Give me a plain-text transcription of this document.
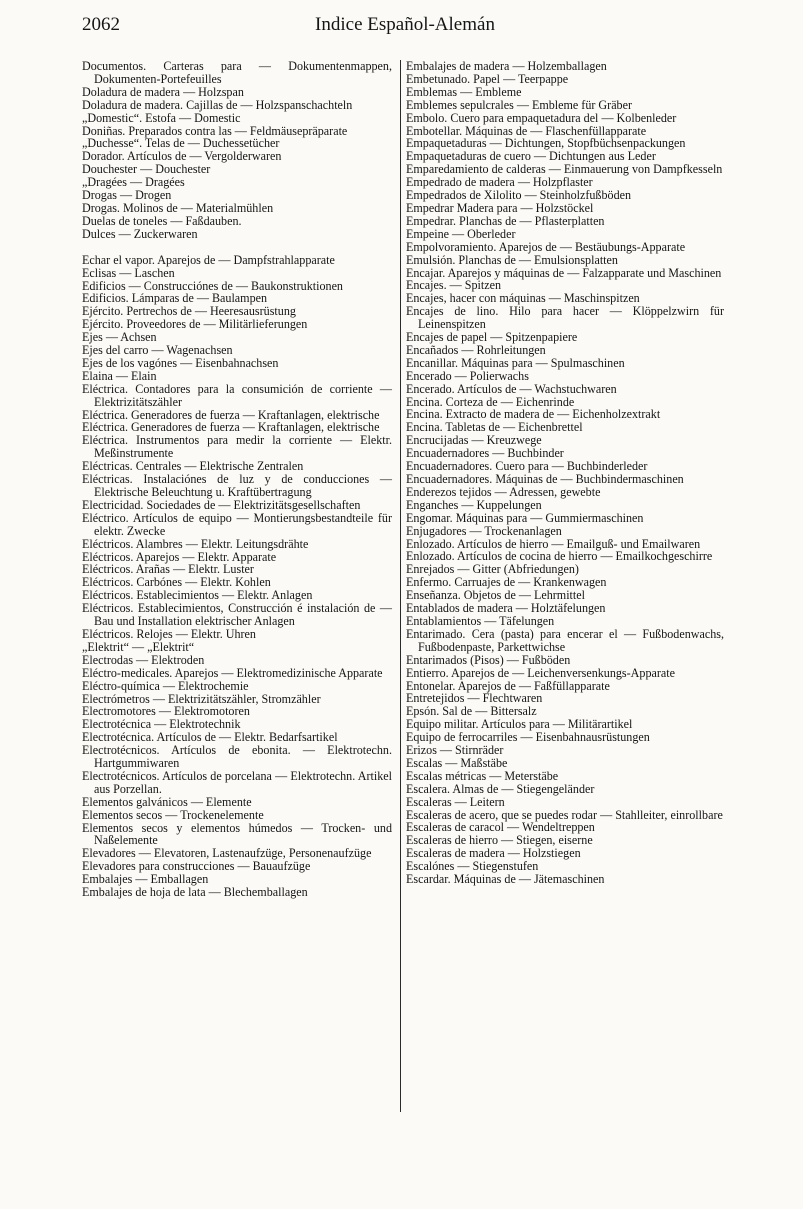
2062	Indice Español-Alemán
Documentos. Carteras para — Dokumentenmappen, Dokumenten-Portefeuilles
Doladura de madera — Holzspan
Doladura de madera. Cajillas de — Holzspanschachteln
„Domestic“. Estofa — Domestic
Doniñas. Preparados contra las — Feldmäusepräparate
„Duchesse“. Telas de — Duchessetücher
Dorador. Artículos de — Vergolderwaren
Douchester — Douchester
„Dragées — Dragées
Drogas — Drogen
Drogas. Molinos de — Materialmühlen
Duelas de toneles — Faßdauben.
Dulces — Zuckerwaren
Echar el vapor. Aparejos de — Dampfstrahlapparate
Eclisas — Laschen
Edificios — Construcciónes de — Baukonstruktionen
Edificios. Lámparas de — Baulampen
Ejército. Pertrechos de — Heeresausrüstung
Ejército. Proveedores de — Militärlieferungen
Ejes — Achsen
Ejes del carro — Wagenachsen
Ejes de los vagónes — Eisenbahnachsen
Elaina — Elain
Eléctrica. Contadores para la consumición de corriente — Elektrizitätszähler
Eléctrica. Generadores de fuerza — Kraftanlagen, elektrische
Eléctrica. Generadores de fuerza — Kraftanlagen, elektrische
Eléctrica. Instrumentos para medir la corriente — Elektr. Meßinstrumente
Eléctricas. Centrales — Elektrische Zentralen
Eléctricas. Instalaciónes de luz y de conducciones — Elektrische Beleuchtung u. Kraftübertragung
Electricidad. Sociedades de — Elektrizitätsgesellschaften
Eléctrico. Artículos de equipo — Montierungsbestandteile für elektr. Zwecke
Eléctricos. Alambres — Elektr. Leitungsdrähte
Eléctricos. Aparejos — Elektr. Apparate
Eléctricos. Arañas — Elektr. Luster
Eléctricos. Carbónes — Elektr. Kohlen
Eléctricos. Establecimientos — Elektr. Anlagen
Eléctricos. Establecimientos, Construcción é instalación de — Bau und Installation elektrischer Anlagen
Eléctricos. Relojes — Elektr. Uhren
„Elektrit“ — „Elektrit“
Electrodas — Elektroden
Eléctro-medicales. Aparejos — Elektromedizinische Apparate
Eléctro-química — Elektrochemie
Electrómetros — Elektrizitätszähler, Stromzähler
Electromotores — Elektromotoren
Electrotécnica — Elektrotechnik
Electrotécnica. Artículos de — Elektr. Bedarfsartikel
Electrotécnicos. Artículos de ebonita. — Elektrotechn. Hartgummiwaren
Electrotécnicos. Artículos de porcelana — Elektrotechn. Artikel aus Porzellan.
Elementos galvánicos — Elemente
Elementos secos — Trockenelemente
Elementos secos y elementos húmedos — Trocken- und Naßelemente
Elevadores — Elevatoren, Lastenaufzüge, Personenaufzüge
Elevadores para construcciones — Bauaufzüge
Embalajes — Emballagen
Embalajes de hoja de lata — Blechemballagen
Embalajes de madera — Holzemballagen
Embetunado. Papel — Teerpappe
Emblemas — Embleme
Emblemes sepulcrales — Embleme für Gräber
Embolo. Cuero para empaquetadura del — Kolbenleder
Embotellar. Máquinas de — Flaschenfüllapparate
Empaquetaduras — Dichtungen, Stopfbüchsenpackungen
Empaquetaduras de cuero — Dichtungen aus Leder
Emparedamiento de calderas — Einmauerung von Dampfkesseln
Empedrado de madera — Holzpflaster
Empedrados de Xilolito — Steinholzfußböden
Empedrar Madera para — Holzstöckel
Empedrar. Planchas de — Pflasterplatten
Empeine — Oberleder
Empolvoramiento. Aparejos de — Bestäubungs-Apparate
Emulsión. Planchas de — Emulsionsplatten
Encajar. Aparejos y máquinas de — Falzapparate und Maschinen
Encajes. — Spitzen
Encajes, hacer con máquinas — Maschinspitzen
Encajes de lino. Hilo para hacer — Klöppelzwirn für Leinenspitzen
Encajes de papel — Spitzenpapiere
Encañados — Rohrleitungen
Encanillar. Máquinas para — Spulmaschinen
Encerado — Polierwachs
Encerado. Artículos de — Wachstuchwaren
Encina. Corteza de — Eichenrinde
Encina. Extracto de madera de — Eichenholzextrakt
Encina. Tabletas de — Eichenbrettel
Encrucijadas — Kreuzwege
Encuadernadores — Buchbinder
Encuadernadores. Cuero para — Buchbinderleder
Encuadernadores. Máquinas de — Buchbindermaschinen
Enderezos tejidos — Adressen, gewebte
Enganches — Kuppelungen
Engomar. Máquinas para — Gummiermaschinen
Enjugadores — Trockenanlagen
Enlozado. Artículos de hierro — Emailguß- und Emailwaren
Enlozado. Artículos de cocina de hierro — Emailkochgeschirre
Enrejados — Gitter (Abfriedungen)
Enfermo. Carruajes de — Krankenwagen
Enseñanza. Objetos de — Lehrmittel
Entablados de madera — Holztäfelungen
Entablamientos — Täfelungen
Entarimado. Cera (pasta) para encerar el — Fußbodenwachs, Fußbodenpaste, Parkettwichse
Entarimados (Pisos) — Fußböden
Entierro. Aparejos de — Leichenversenkungs-Apparate
Entonelar. Aparejos de — Faßfüllapparate
Entretejidos — Flechtwaren
Epsón. Sal de — Bittersalz
Equipo militar. Artículos para — Militärartikel
Equipo de ferrocarriles — Eisenbahnausrüstungen
Erizos — Stirnräder
Escalas — Maßstäbe
Escalas métricas — Meterstäbe
Escalera. Almas de — Stiegengeländer
Escaleras — Leitern
Escaleras de acero, que se puedes rodar — Stahlleiter, einrollbare
Escaleras de caracol — Wendeltreppen
Escaleras de hierro — Stiegen, eiserne
Escaleras de madera — Holzstiegen
Escalónes — Stiegenstufen
Escardar. Máquinas de — Jätemaschinen
